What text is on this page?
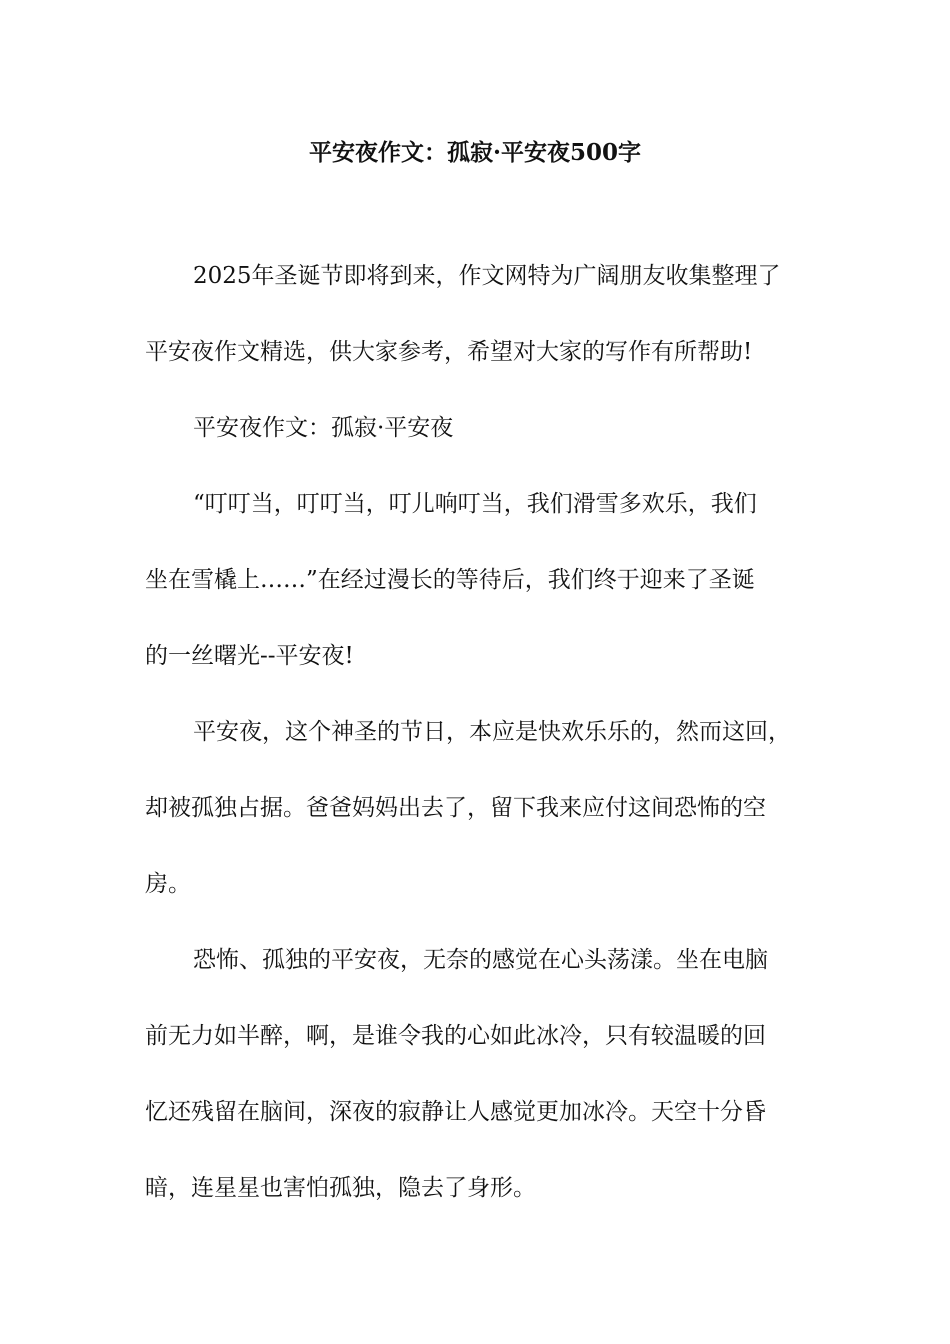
平安夜作文：孤寂·平安夜500字

2025年圣诞节即将到来，作文网特为广阔朋友收集整理了

平安夜作文精选，供大家参考，希望对大家的写作有所帮助!

平安夜作文：孤寂·平安夜

“叮叮当，叮叮当，叮儿响叮当，我们滑雪多欢乐，我们

坐在雪橇上……”在经过漫长的等待后，我们终于迎来了圣诞

的一丝曙光--平安夜!

平安夜，这个神圣的节日，本应是快欢乐乐的，然而这回，

却被孤独占据。爸爸妈妈出去了，留下我来应付这间恐怖的空

房。

恐怖、孤独的平安夜，无奈的感觉在心头荡漾。坐在电脑

前无力如半醉，啊，是谁令我的心如此冰冷，只有较温暖的回

忆还残留在脑间，深夜的寂静让人感觉更加冰冷。天空十分昏

暗，连星星也害怕孤独，隐去了身形。
